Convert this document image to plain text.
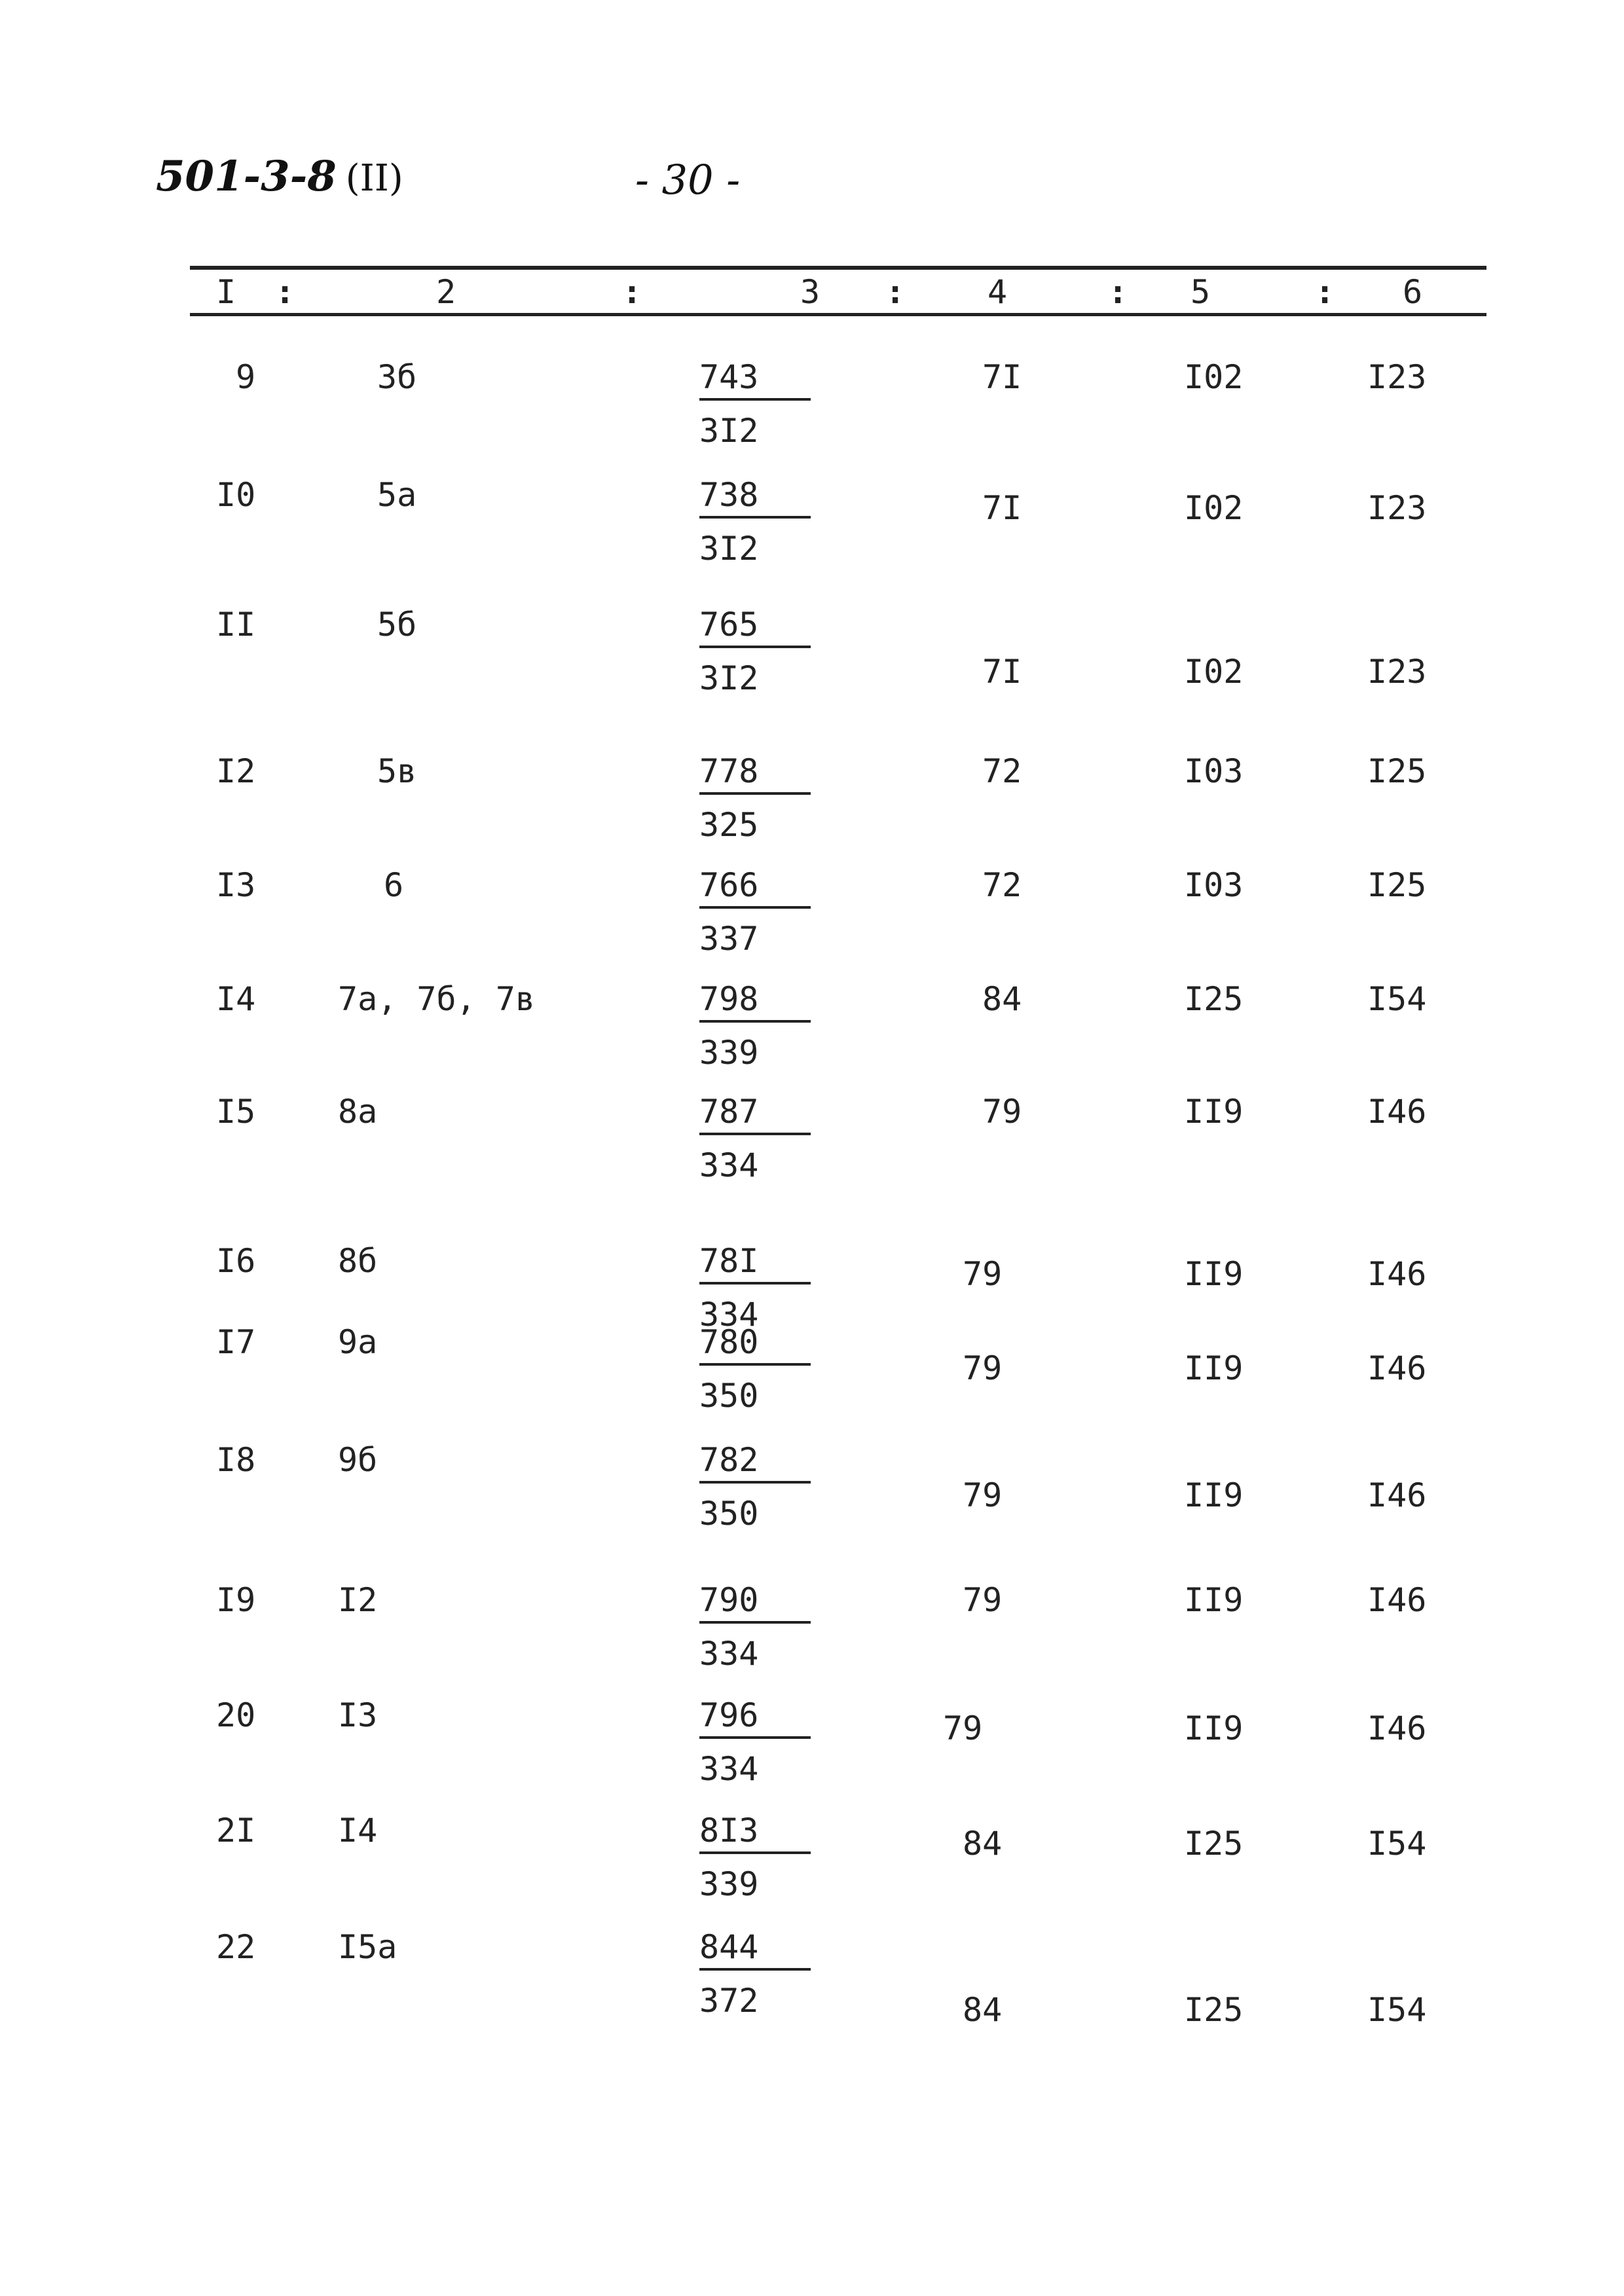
501-3-8 (II)	- 30 -
I	2	3	4	5	6
:	:	:	:	:
9	3б	$\frac{743}{3I2}$	7I	I02	I23
I0	5a	$\frac{738}{3I2}$	7I	I02	I23
II	5б	$\frac{765}{3I2}$	7I	I02	I23
I2	5в	$\frac{778}{325}$	72	I03	I25
I3	6	$\frac{766}{337}$	72	I03	I25
I4	7a, 7б, 7в	$\frac{798}{339}$	84	I25	I54
I5	8a	$\frac{787}{334}$	79	II9	I46
I6	8б	$\frac{78I}{334}$	79	II9	I46
I7	9a	$\frac{780}{350}$	79	II9	I46
I8	9б	$\frac{782}{350}$	79	II9	I46
I9	I2	$\frac{790}{334}$	79	II9	I46
20	I3	$\frac{796}{334}$	79	II9	I46
2I	I4	$\frac{8I3}{339}$	84	I25	I54
22	I5a	$\frac{844}{372}$	84	I25	I54
